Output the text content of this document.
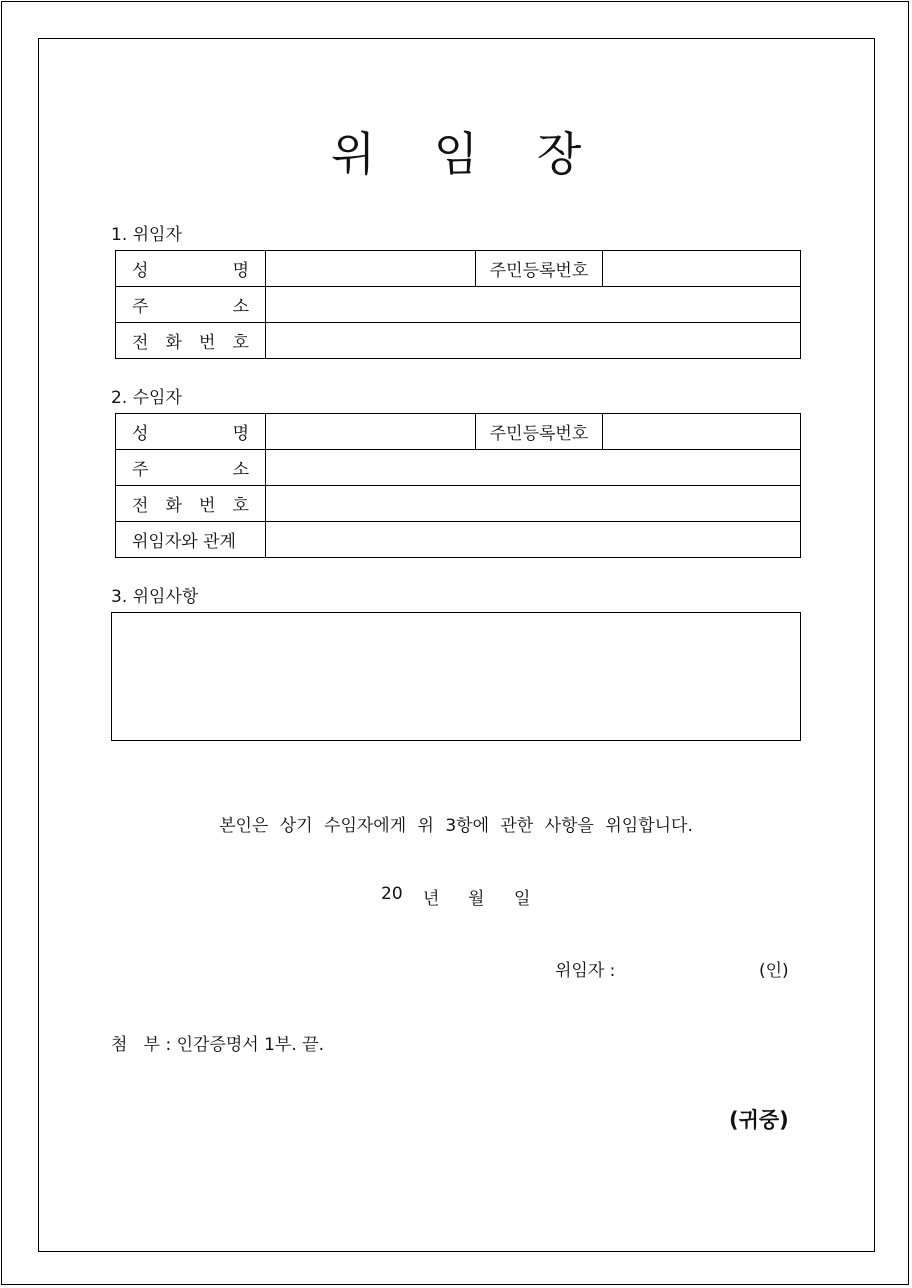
위 임 장
1. 위임자
성 명		주민등록번호	

주 소			

전 화 번 호			

2. 수임자
성 명		주민등록번호	

주 소			

전 화 번 호			

위임자와 관계			
3. 위임사항
본인은 상기 수임자에게 위 3항에 관한 사항을 위임합니다.
20	년	월	일
위임자 :	(인)
첨   부 : 인감증명서 1부. 끝.
(귀중)
